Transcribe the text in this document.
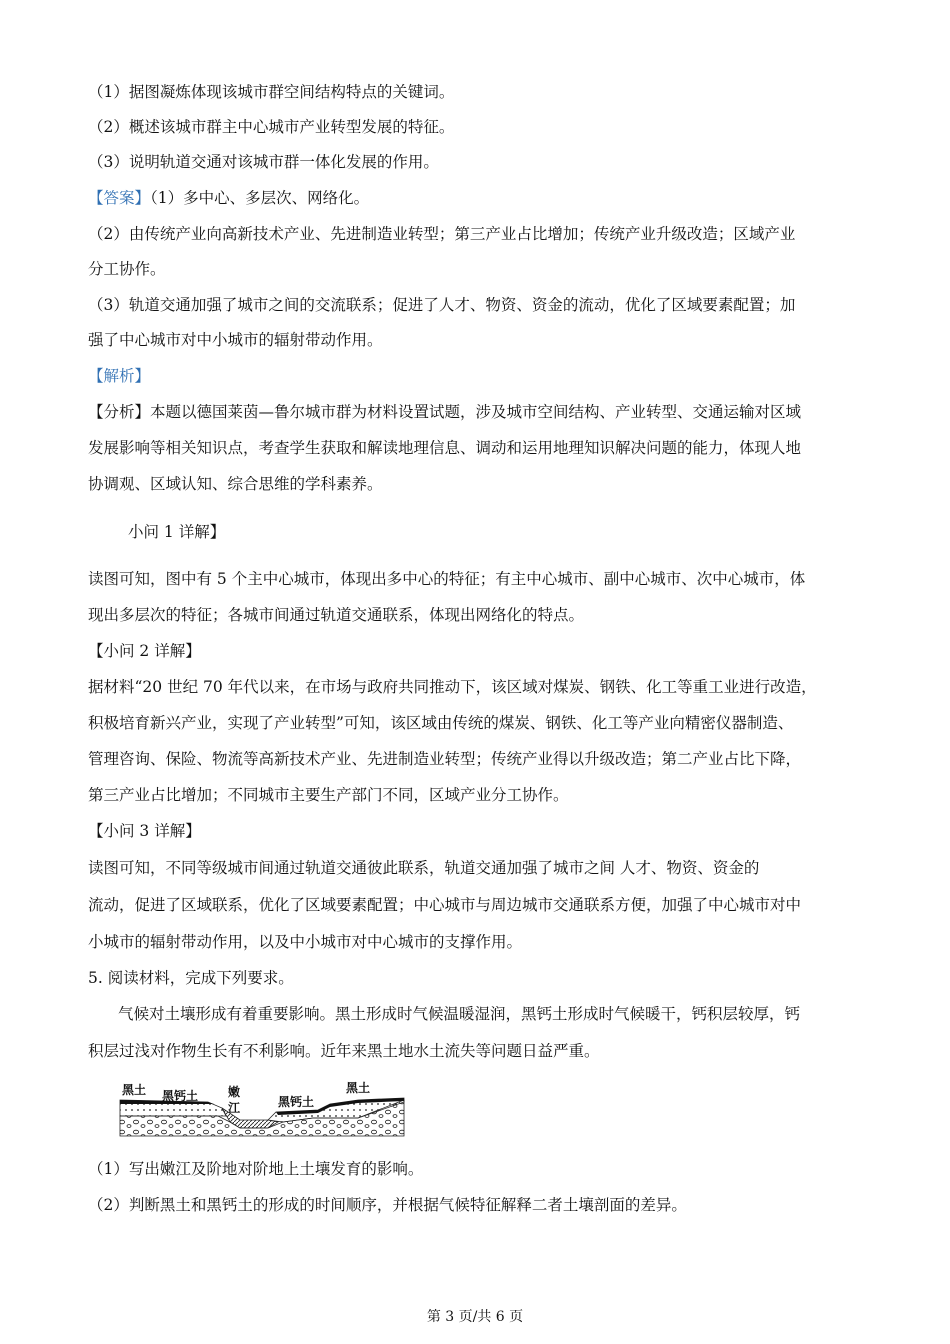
（1）据图凝炼体现该城市群空间结构特点的关键词。
（2）概述该城市群主中心城市产业转型发展的特征。
（3）说明轨道交通对该城市群一体化发展的作用。
【答案】（1）多中心、多层次、网络化。
（2）由传统产业向高新技术产业、先进制造业转型；第三产业占比增加；传统产业升级改造；区域产业
分工协作。
（3）轨道交通加强了城市之间的交流联系；促进了人才、物资、资金的流动，优化了区域要素配置；加
强了中心城市对中小城市的辐射带动作用。
【解析】
【分析】本题以德国莱茵—鲁尔城市群为材料设置试题，涉及城市空间结构、产业转型、交通运输对区域
发展影响等相关知识点，考查学生获取和解读地理信息、调动和运用地理知识解决问题的能力，体现人地
协调观、区域认知、综合思维的学科素养。
小问 1 详解】
读图可知，图中有 5 个主中心城市，体现出多中心的特征；有主中心城市、副中心城市、次中心城市，体
现出多层次的特征；各城市间通过轨道交通联系，体现出网络化的特点。
【小问 2 详解】
据材料“20 世纪 70 年代以来，在市场与政府共同推动下，该区域对煤炭、钢铁、化工等重工业进行改造，
积极培育新兴产业，实现了产业转型”可知，该区域由传统的煤炭、钢铁、化工等产业向精密仪器制造、
管理咨询、保险、物流等高新技术产业、先进制造业转型；传统产业得以升级改造；第二产业占比下降，
第三产业占比增加；不同城市主要生产部门不同，区域产业分工协作。
【小问 3 详解】
读图可知，不同等级城市间通过轨道交通彼此联系，轨道交通加强了城市之间 人才、物资、资金的
流动，促进了区域联系，优化了区域要素配置；中心城市与周边城市交通联系方便，加强了中心城市对中
小城市的辐射带动作用，以及中小城市对中心城市的支撑作用。
5. 阅读材料，完成下列要求。
气候对土壤形成有着重要影响。黑土形成时气候温暖湿润，黑钙土形成时气候暖干，钙积层较厚，钙
积层过浅对作物生长有不利影响。近年来黑土地水土流失等问题日益严重。
黑土 黑钙土 嫩
江	黑钙土
黑土
（1）写出嫩江及阶地对阶地上土壤发育的影响。
（2）判断黑土和黑钙土的形成的时间顺序，并根据气候特征解释二者土壤剖面的差异。
第 3 页/共 6 页
